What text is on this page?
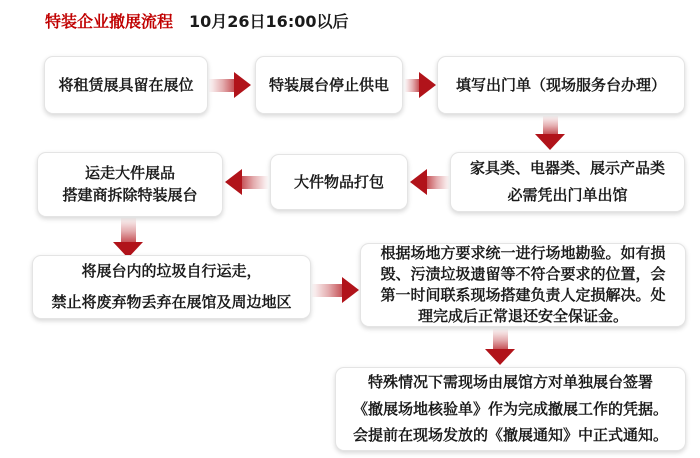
特装企业撤展流程 10月26日16:00以后
将租赁展具留在展位	特装展台停止供电	填写出门单（现场服务台办理）
家具类、电器类、展示产品类
必需凭出门单出馆
大件物品打包
运走大件展品
搭建商拆除特装展台
将展台内的垃圾自行运走，
禁止将废弃物丢弃在展馆及周边地区
根据场地方要求统一进行场地勘验。如有损
毁、污渍垃圾遗留等不符合要求的位置，会
第一时间联系现场搭建负责人定损解决。处
理完成后正常退还安全保证金。
特殊情况下需现场由展馆方对单独展台签署
《撤展场地核验单》作为完成撤展工作的凭据。
会提前在现场发放的《撤展通知》中正式通知。
